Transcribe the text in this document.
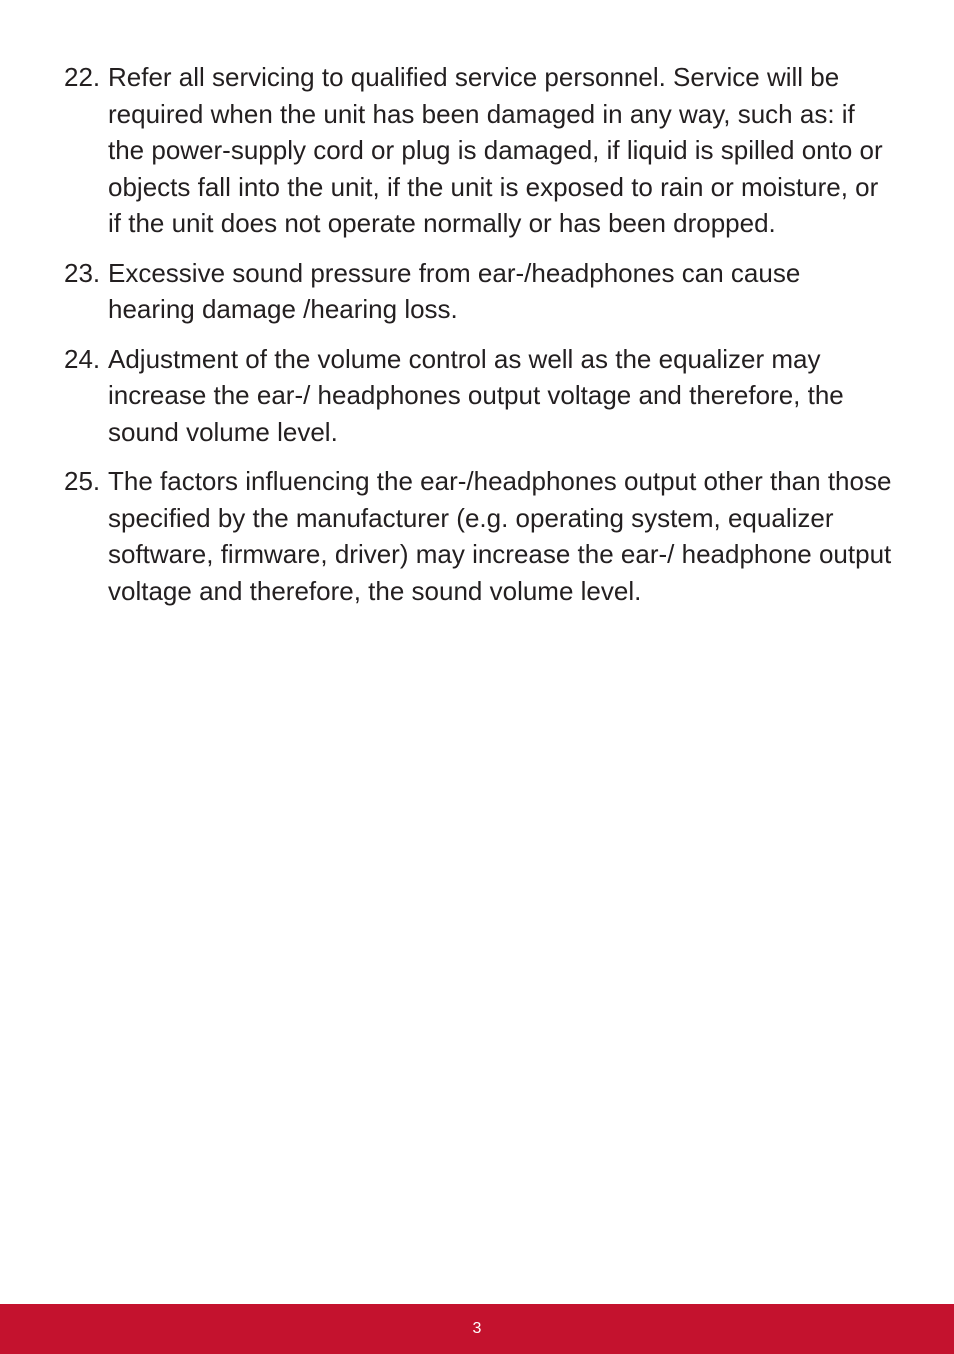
22. Refer all servicing to qualified service personnel. Service will be required when the unit has been damaged in any way, such as: if the power-supply cord or plug is damaged, if liquid is spilled onto or objects fall into the unit, if the unit is exposed to rain or moisture, or if the unit does not operate normally or has been dropped.
23. Excessive sound pressure from ear-/headphones can cause hearing damage /hearing loss.
24. Adjustment of the volume control as well as the equalizer may increase the ear-/ headphones output voltage and therefore, the sound volume level.
25. The factors influencing the ear-/headphones output other than those specified by the manufacturer (e.g. operating system, equalizer software, firmware, driver) may increase the ear-/ headphone output voltage and therefore, the sound volume level.
3
